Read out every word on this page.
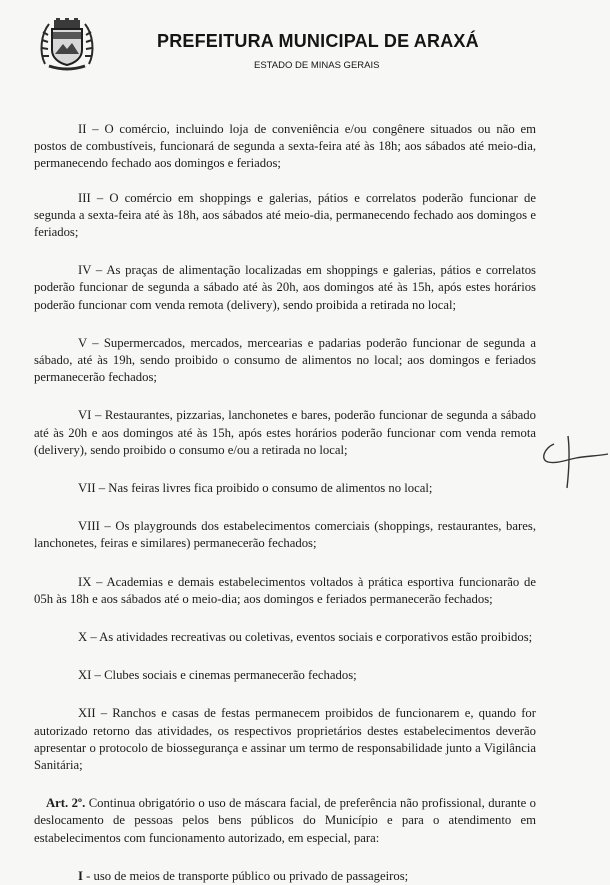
PREFEITURA MUNICIPAL DE ARAXÁ
ESTADO DE MINAS GERAIS

II – O comércio, incluindo loja de conveniência e/ou congênere situados ou não em postos de combustíveis, funcionará de segunda a sexta-feira até às 18h; aos sábados até meio-dia, permanecendo fechado aos domingos e feriados;

III – O comércio em shoppings e galerias, pátios e correlatos poderão funcionar de segunda a sexta-feira até às 18h, aos sábados até meio-dia, permanecendo fechado aos domingos e feriados;

IV – As praças de alimentação localizadas em shoppings e galerias, pátios e correlatos poderão funcionar de segunda a sábado até às 20h, aos domingos até às 15h, após estes horários poderão funcionar com venda remota (delivery), sendo proibida a retirada no local;

V – Supermercados, mercados, mercearias e padarias poderão funcionar de segunda a sábado, até às 19h, sendo proibido o consumo de alimentos no local; aos domingos e feriados permanecerão fechados;

VI – Restaurantes, pizzarias, lanchonetes e bares, poderão funcionar de segunda a sábado até às 20h e aos domingos até às 15h, após estes horários poderão funcionar com venda remota (delivery), sendo proibido o consumo e/ou a retirada no local;

VII – Nas feiras livres fica proibido o consumo de alimentos no local;

VIII – Os playgrounds dos estabelecimentos comerciais (shoppings, restaurantes, bares, lanchonetes, feiras e similares) permanecerão fechados;

IX – Academias e demais estabelecimentos voltados à prática esportiva funcionarão de 05h às 18h e aos sábados até o meio-dia; aos domingos e feriados permanecerão fechados;

X – As atividades recreativas ou coletivas, eventos sociais e corporativos estão proibidos;

XI – Clubes sociais e cinemas permanecerão fechados;

XII – Ranchos e casas de festas permanecem proibidos de funcionarem e, quando for autorizado retorno das atividades, os respectivos proprietários destes estabelecimentos deverão apresentar o protocolo de biossegurança e assinar um termo de responsabilidade junto a Vigilância Sanitária;

Art. 2º. Continua obrigatório o uso de máscara facial, de preferência não profissional, durante o deslocamento de pessoas pelos bens públicos do Município e para o atendimento em estabelecimentos com funcionamento autorizado, em especial, para:

I - uso de meios de transporte público ou privado de passageiros;
